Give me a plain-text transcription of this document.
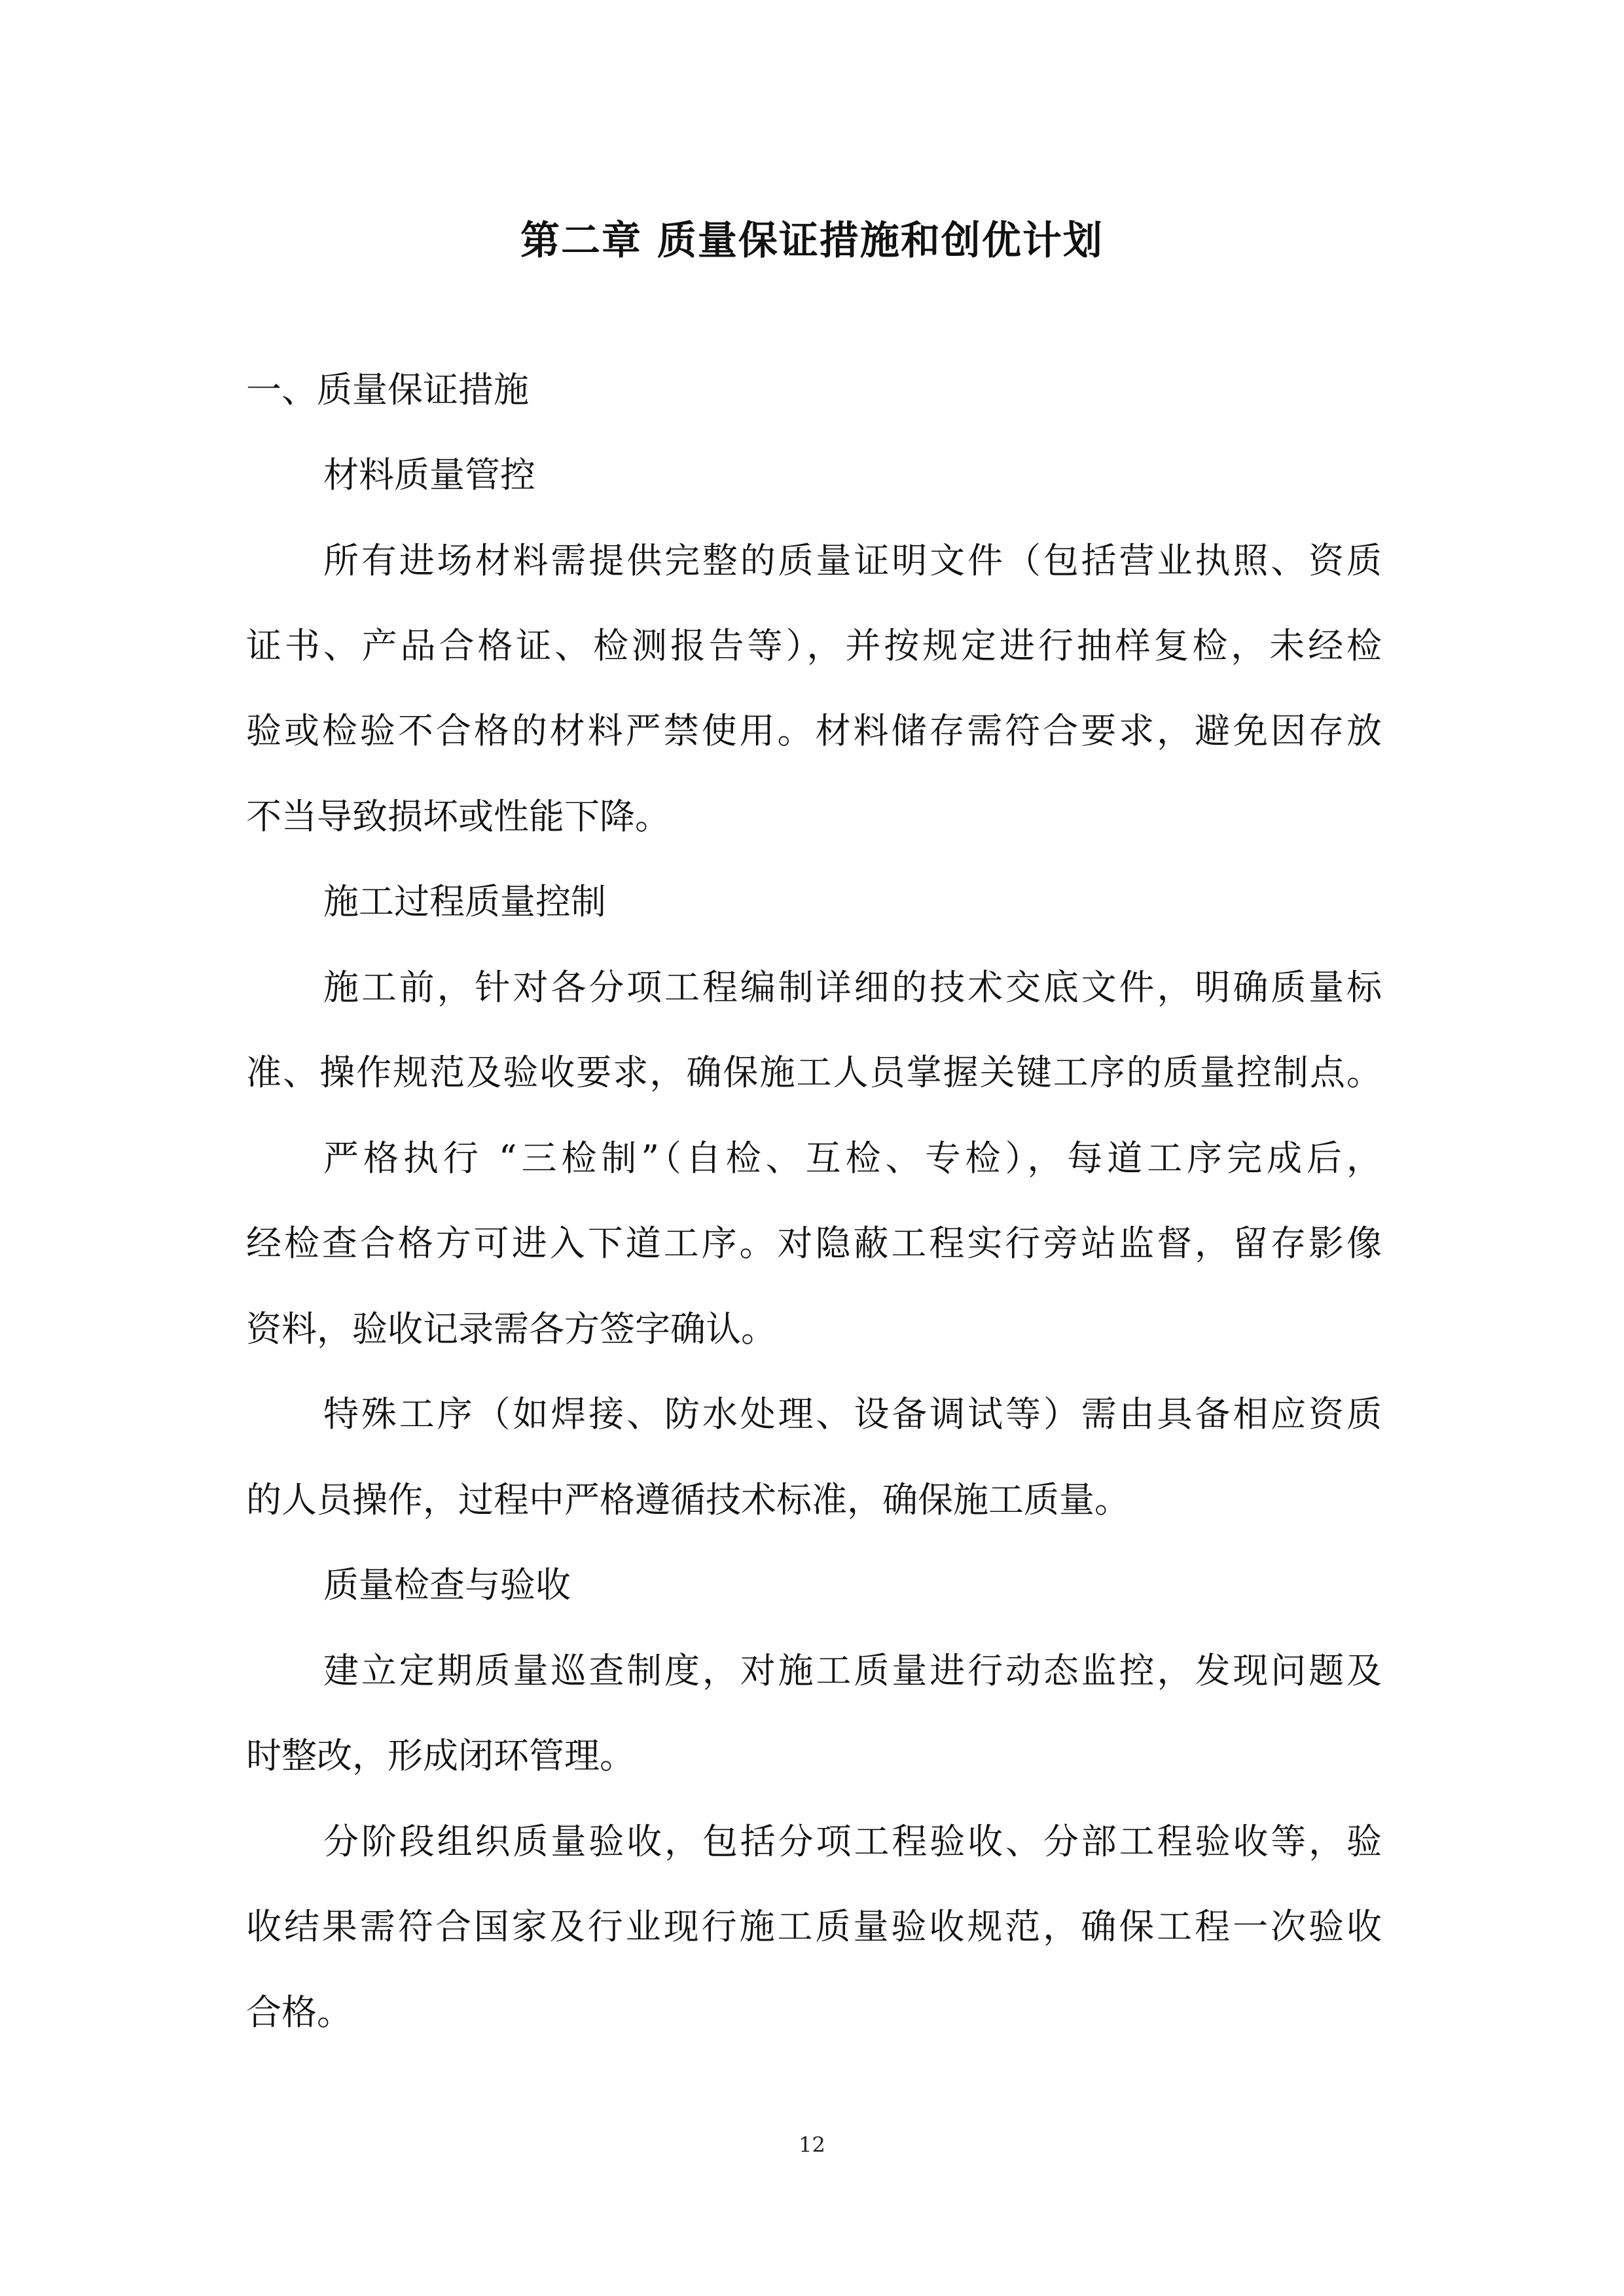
第二章 质量保证措施和创优计划
一、质量保证措施
材料质量管控
所有进场材料需提供完整的质量证明文件（包括营业执照、资质
证书、产品合格证、检测报告等），并按规定进行抽样复检，未经检
验或检验不合格的材料严禁使用。材料储存需符合要求，避免因存放
不当导致损坏或性能下降。
施工过程质量控制
施工前，针对各分项工程编制详细的技术交底文件，明确质量标
准、操作规范及验收要求，确保施工人员掌握关键工序的质量控制点。
严格执行 “三检制”（自检、互检、专检），每道工序完成后，
经检查合格方可进入下道工序。对隐蔽工程实行旁站监督，留存影像
资料，验收记录需各方签字确认。
特殊工序（如焊接、防水处理、设备调试等）需由具备相应资质
的人员操作，过程中严格遵循技术标准，确保施工质量。
质量检查与验收
建立定期质量巡查制度，对施工质量进行动态监控，发现问题及
时整改，形成闭环管理。
分阶段组织质量验收，包括分项工程验收、分部工程验收等，验
收结果需符合国家及行业现行施工质量验收规范，确保工程一次验收
合格。
12
